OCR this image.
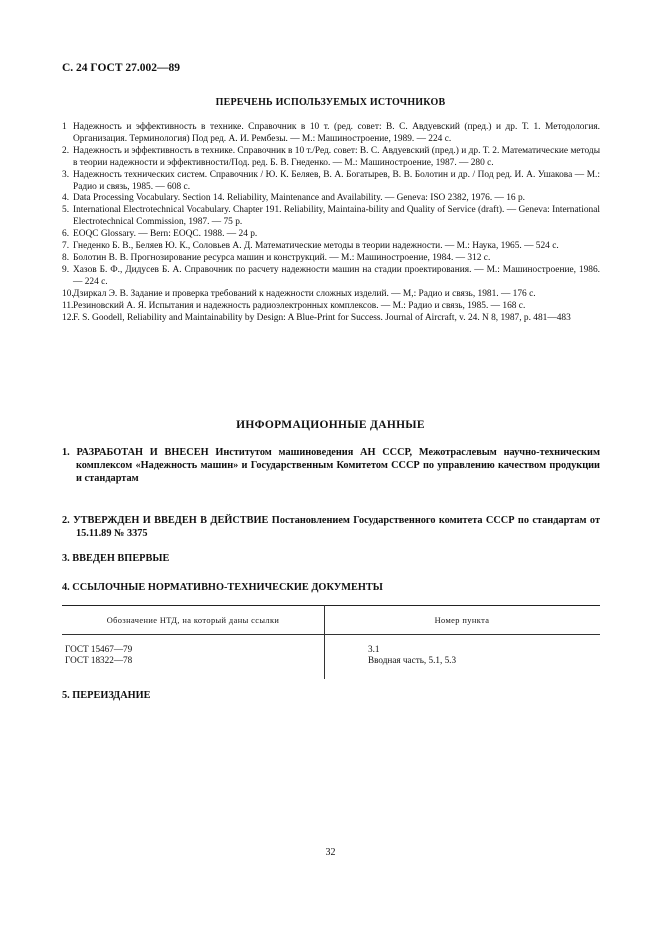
С. 24 ГОСТ 27.002—89
ПЕРЕЧЕНЬ ИСПОЛЬЗУЕМЫХ ИСТОЧНИКОВ
1 Надежность и эффективность в технике. Справочник в 10 т. (ред. совет: В. С. Авдуевский (пред.) и др. Т. 1. Методология. Организация. Терминология) Под ред. А. И. Рембезы. — М.: Машиностроение, 1989. — 224 с.
2. Надежность и эффективность в технике. Справочник в 10 т./Ред. совет: В. С. Авдуевский (пред.) и др. Т. 2. Математические методы в теории надежности и эффективности/Под. ред. Б. В. Гнеденко. — М.: Машиностроение, 1987. — 280 с.
3. Надежность технических систем. Справочник / Ю. К. Беляев, В. А. Богатырев, В. В. Болотин и др. / Под ред. И. А. Ушакова — М.: Радио и связь, 1985. — 608 с.
4. Data Processing Vocabulary. Section 14. Reliability, Maintenance and Availability. — Geneva: ISO 2382, 1976. — 16 p.
5. International Electrotechnical Vocabulary. Chapter 191. Reliability, Maintaina-bility and Quality of Service (draft). — Geneva: International Electrotechnical Commission, 1987. — 75 p.
6. EOQC Glossary. — Bern: EOQC. 1988. — 24 p.
7. Гнеденко Б. В., Беляев Ю. К., Соловьев А. Д. Математические методы в теории надежности. — М.: Наука, 1965. — 524 с.
8. Болотин В. В. Прогнозирование ресурса машин и конструкций. — М.: Машиностроение, 1984. — 312 с.
9. Хазов Б. Ф., Дидусев Б. А. Справочник по расчету надежности машин на стадии проектирования. — М.: Машиностроение, 1986. — 224 с.
10. Дзиркал Э. В. Задание и проверка требований к надежности сложных изделий. — М,: Радио и связь, 1981. — 176 с.
11. Резиновский А. Я. Испытания и надежность радиоэлектронных комплексов. — М.: Радио и связь, 1985. — 168 с.
12. F. S. Goodell, Reliability and Maintainability by Design: A Blue-Print for Success. Journal of Aircraft, v. 24. N 8, 1987, p. 481—483
ИНФОРМАЦИОННЫЕ ДАННЫЕ
1. РАЗРАБОТАН И ВНЕСЕН Институтом машиноведения АН СССР, Межотраслевым научно-техническим комплексом «Надежность машин» и Государственным Комитетом СССР по управлению качеством продукции и стандартам
2. УТВЕРЖДЕН И ВВЕДЕН В ДЕЙСТВИЕ Постановлением Государственного комитета СССР по стандартам от 15.11.89 № 3375
3. ВВЕДЕН ВПЕРВЫЕ
4. ССЫЛОЧНЫЕ НОРМАТИВНО-ТЕХНИЧЕСКИЕ ДОКУМЕНТЫ
Обозначение НТД, на который даны ссылки	Номер пункта
ГОСТ 15467—79	3.1
ГОСТ 18322—78	Вводная часть, 5.1, 5.3
5. ПЕРЕИЗДАНИЕ
32
